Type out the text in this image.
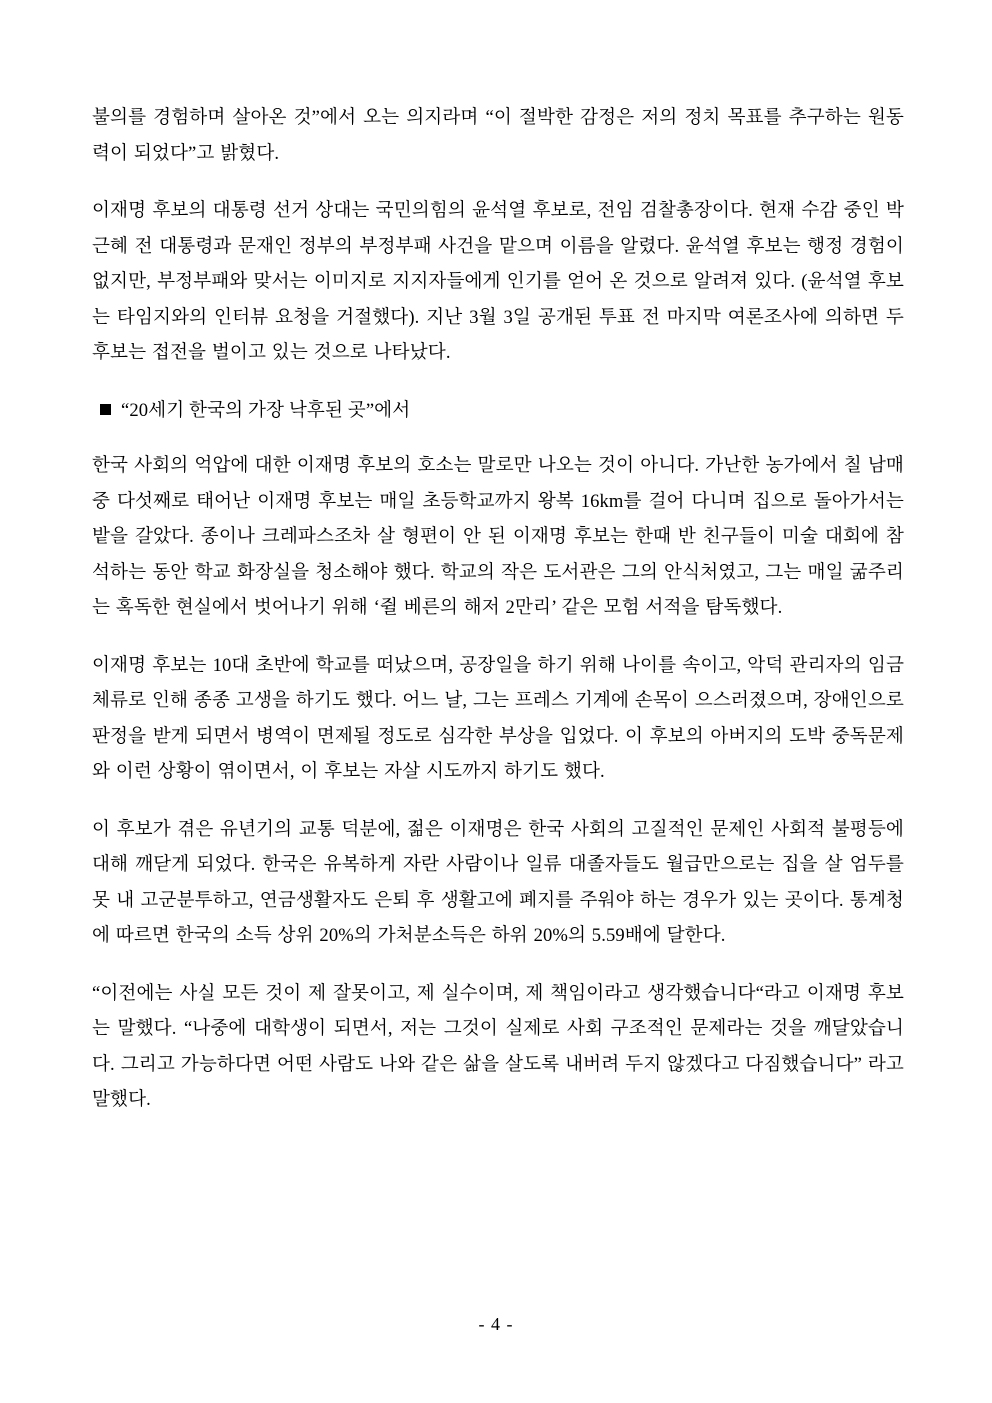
불의를 경험하며 살아온 것”에서 오는 의지라며 “이 절박한 감정은 저의 정치 목표를 추구하는 원동력이 되었다”고 밝혔다.

이재명 후보의 대통령 선거 상대는 국민의힘의 윤석열 후보로, 전임 검찰총장이다. 현재 수감 중인 박근혜 전 대통령과 문재인 정부의 부정부패 사건을 맡으며 이름을 알렸다. 윤석열 후보는 행정 경험이 없지만, 부정부패와 맞서는 이미지로 지지자들에게 인기를 얻어 온 것으로 알려져 있다. (윤석열 후보는 타임지와의 인터뷰 요청을 거절했다). 지난 3월 3일 공개된 투표 전 마지막 여론조사에 의하면 두 후보는 접전을 벌이고 있는 것으로 나타났다.

“20세기 한국의 가장 낙후된 곳”에서

한국 사회의 억압에 대한 이재명 후보의 호소는 말로만 나오는 것이 아니다. 가난한 농가에서 칠 남매 중 다섯째로 태어난 이재명 후보는 매일 초등학교까지 왕복 16km를 걸어 다니며 집으로 돌아가서는 밭을 갈았다. 종이나 크레파스조차 살 형편이 안 된 이재명 후보는 한때 반 친구들이 미술 대회에 참석하는 동안 학교 화장실을 청소해야 했다. 학교의 작은 도서관은 그의 안식처였고, 그는 매일 굶주리는 혹독한 현실에서 벗어나기 위해 ‘쥘 베른의 해저 2만리’ 같은 모험 서적을 탐독했다.

이재명 후보는 10대 초반에 학교를 떠났으며, 공장일을 하기 위해 나이를 속이고, 악덕 관리자의 임금 체류로 인해 종종 고생을 하기도 했다. 어느 날, 그는 프레스 기계에 손목이 으스러졌으며, 장애인으로 판정을 받게 되면서 병역이 면제될 정도로 심각한 부상을 입었다. 이 후보의 아버지의 도박 중독문제와 이런 상황이 엮이면서, 이 후보는 자살 시도까지 하기도 했다.

이 후보가 겪은 유년기의 교통 덕분에, 젊은 이재명은 한국 사회의 고질적인 문제인 사회적 불평등에 대해 깨닫게 되었다. 한국은 유복하게 자란 사람이나 일류 대졸자들도 월급만으로는 집을 살 엄두를 못 내 고군분투하고, 연금생활자도 은퇴 후 생활고에 폐지를 주워야 하는 경우가 있는 곳이다. 통계청에 따르면 한국의 소득 상위 20%의 가처분소득은 하위 20%의 5.59배에 달한다.

“이전에는 사실 모든 것이 제 잘못이고, 제 실수이며, 제 책임이라고 생각했습니다“라고 이재명 후보는 말했다. “나중에 대학생이 되면서, 저는 그것이 실제로 사회 구조적인 문제라는 것을 깨달았습니다. 그리고 가능하다면 어떤 사람도 나와 같은 삶을 살도록 내버려 두지 않겠다고 다짐했습니다” 라고 말했다.

- 4 -
